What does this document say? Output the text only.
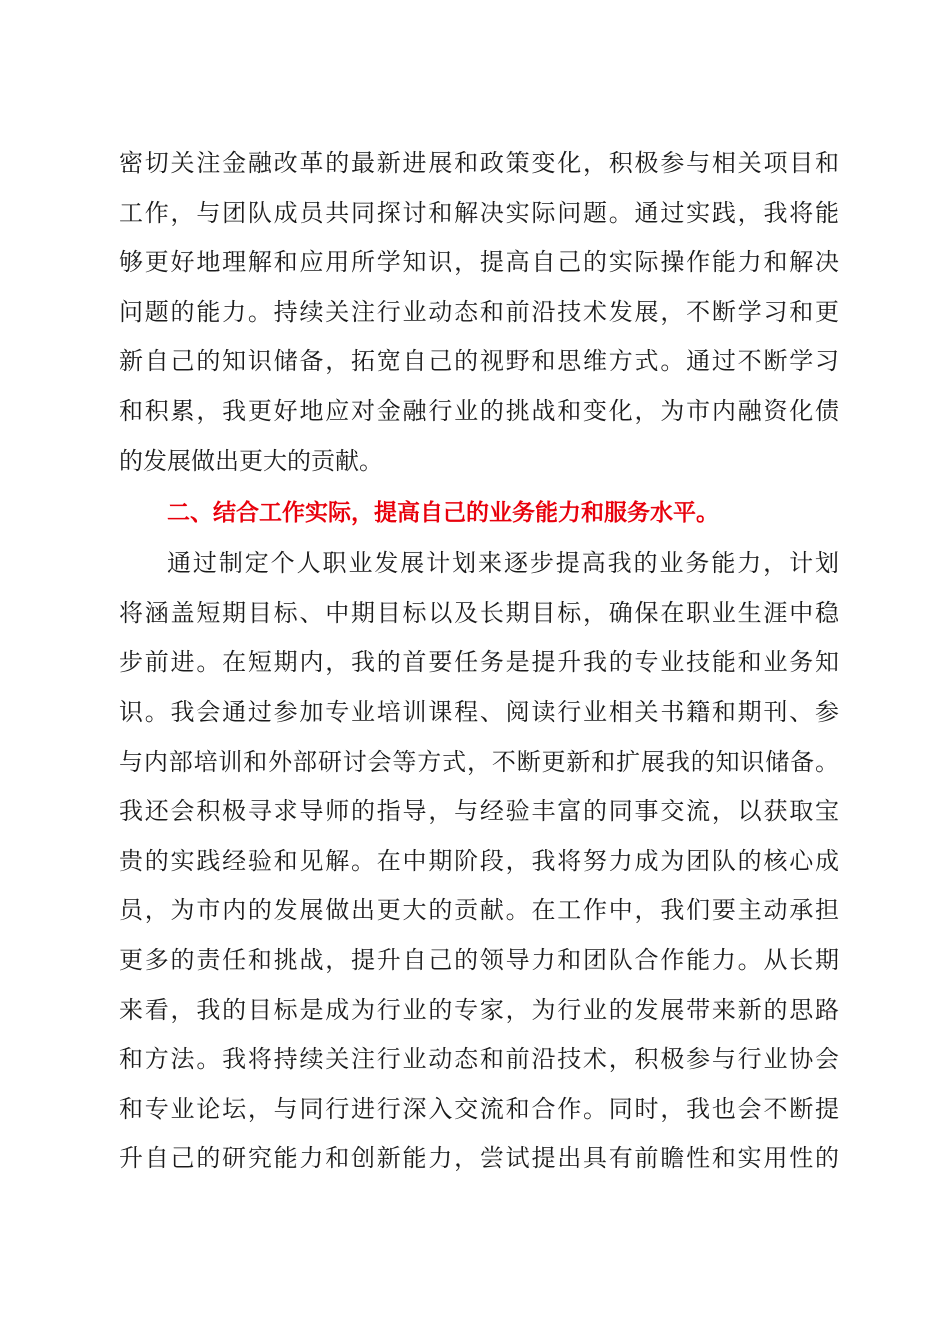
密切关注金融改革的最新进展和政策变化，积极参与相关项目和
工作，与团队成员共同探讨和解决实际问题。通过实践，我将能
够更好地理解和应用所学知识，提高自己的实际操作能力和解决
问题的能力。持续关注行业动态和前沿技术发展，不断学习和更
新自己的知识储备，拓宽自己的视野和思维方式。通过不断学习
和积累，我更好地应对金融行业的挑战和变化，为市内融资化债
的发展做出更大的贡献。
二、结合工作实际，提高自己的业务能力和服务水平。
通过制定个人职业发展计划来逐步提高我的业务能力，计划
将涵盖短期目标、中期目标以及长期目标，确保在职业生涯中稳
步前进。在短期内，我的首要任务是提升我的专业技能和业务知
识。我会通过参加专业培训课程、阅读行业相关书籍和期刊、参
与内部培训和外部研讨会等方式，不断更新和扩展我的知识储备。
我还会积极寻求导师的指导，与经验丰富的同事交流，以获取宝
贵的实践经验和见解。在中期阶段，我将努力成为团队的核心成
员，为市内的发展做出更大的贡献。在工作中，我们要主动承担
更多的责任和挑战，提升自己的领导力和团队合作能力。从长期
来看，我的目标是成为行业的专家，为行业的发展带来新的思路
和方法。我将持续关注行业动态和前沿技术，积极参与行业协会
和专业论坛，与同行进行深入交流和合作。同时，我也会不断提
升自己的研究能力和创新能力，尝试提出具有前瞻性和实用性的
